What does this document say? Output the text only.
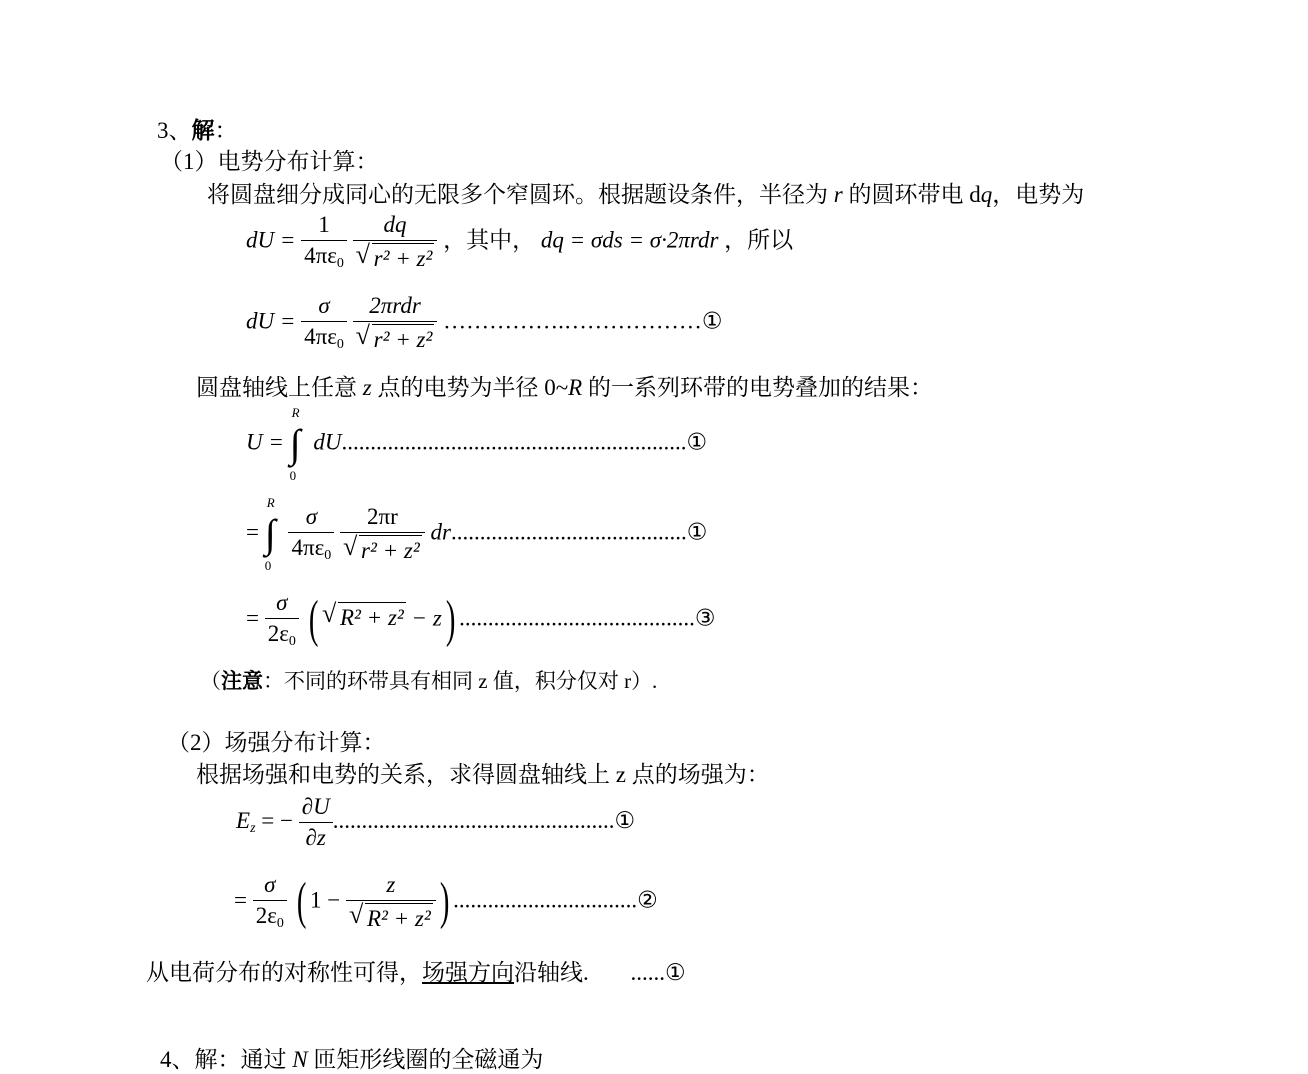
3、解：
（1）电势分布计算：
将圆盘细分成同心的无限多个窄圆环。根据题设条件，半径为 r 的圆环带电 dq，电势为
dU = $\frac{1}{4\pi\varepsilon_0}$
dq
√ r² + z² ，其中， dq = σds = σ·2πrdr ，所以
dU = $\frac{\sigma}{4\pi\varepsilon_0}$
2πrdr
√ r² + z² …………….………………①
圆盘轴线上任意 z 点的电势为半径 0~R 的一系列环带的电势叠加的结果：
U = ∫
R
0
dU............................................................①
= ∫
R
0

$\frac{\sigma}{4\pi\varepsilon_0}$
2πr
√ r² + z² dr.........................................①
= $\frac{\sigma}{2\varepsilon_0}$ (√ R² + z² − z) .........................................③
（注意：不同的环带具有相同 z 值，积分仅对 r）.
（2）场强分布计算：
根据场强和电势的关系，求得圆盘轴线上 z 点的场强为：
$E_z$ = − $\frac{\partial U}{\partial z}$ .................................................①
= $\frac{\sigma}{2\varepsilon_0}$ ( 1 − z
√ R² + z² ) ................................②
从电荷分布的对称性可得，场强方向沿轴线. ......①
4、解：通过 N 匝矩形线圈的全磁通为
